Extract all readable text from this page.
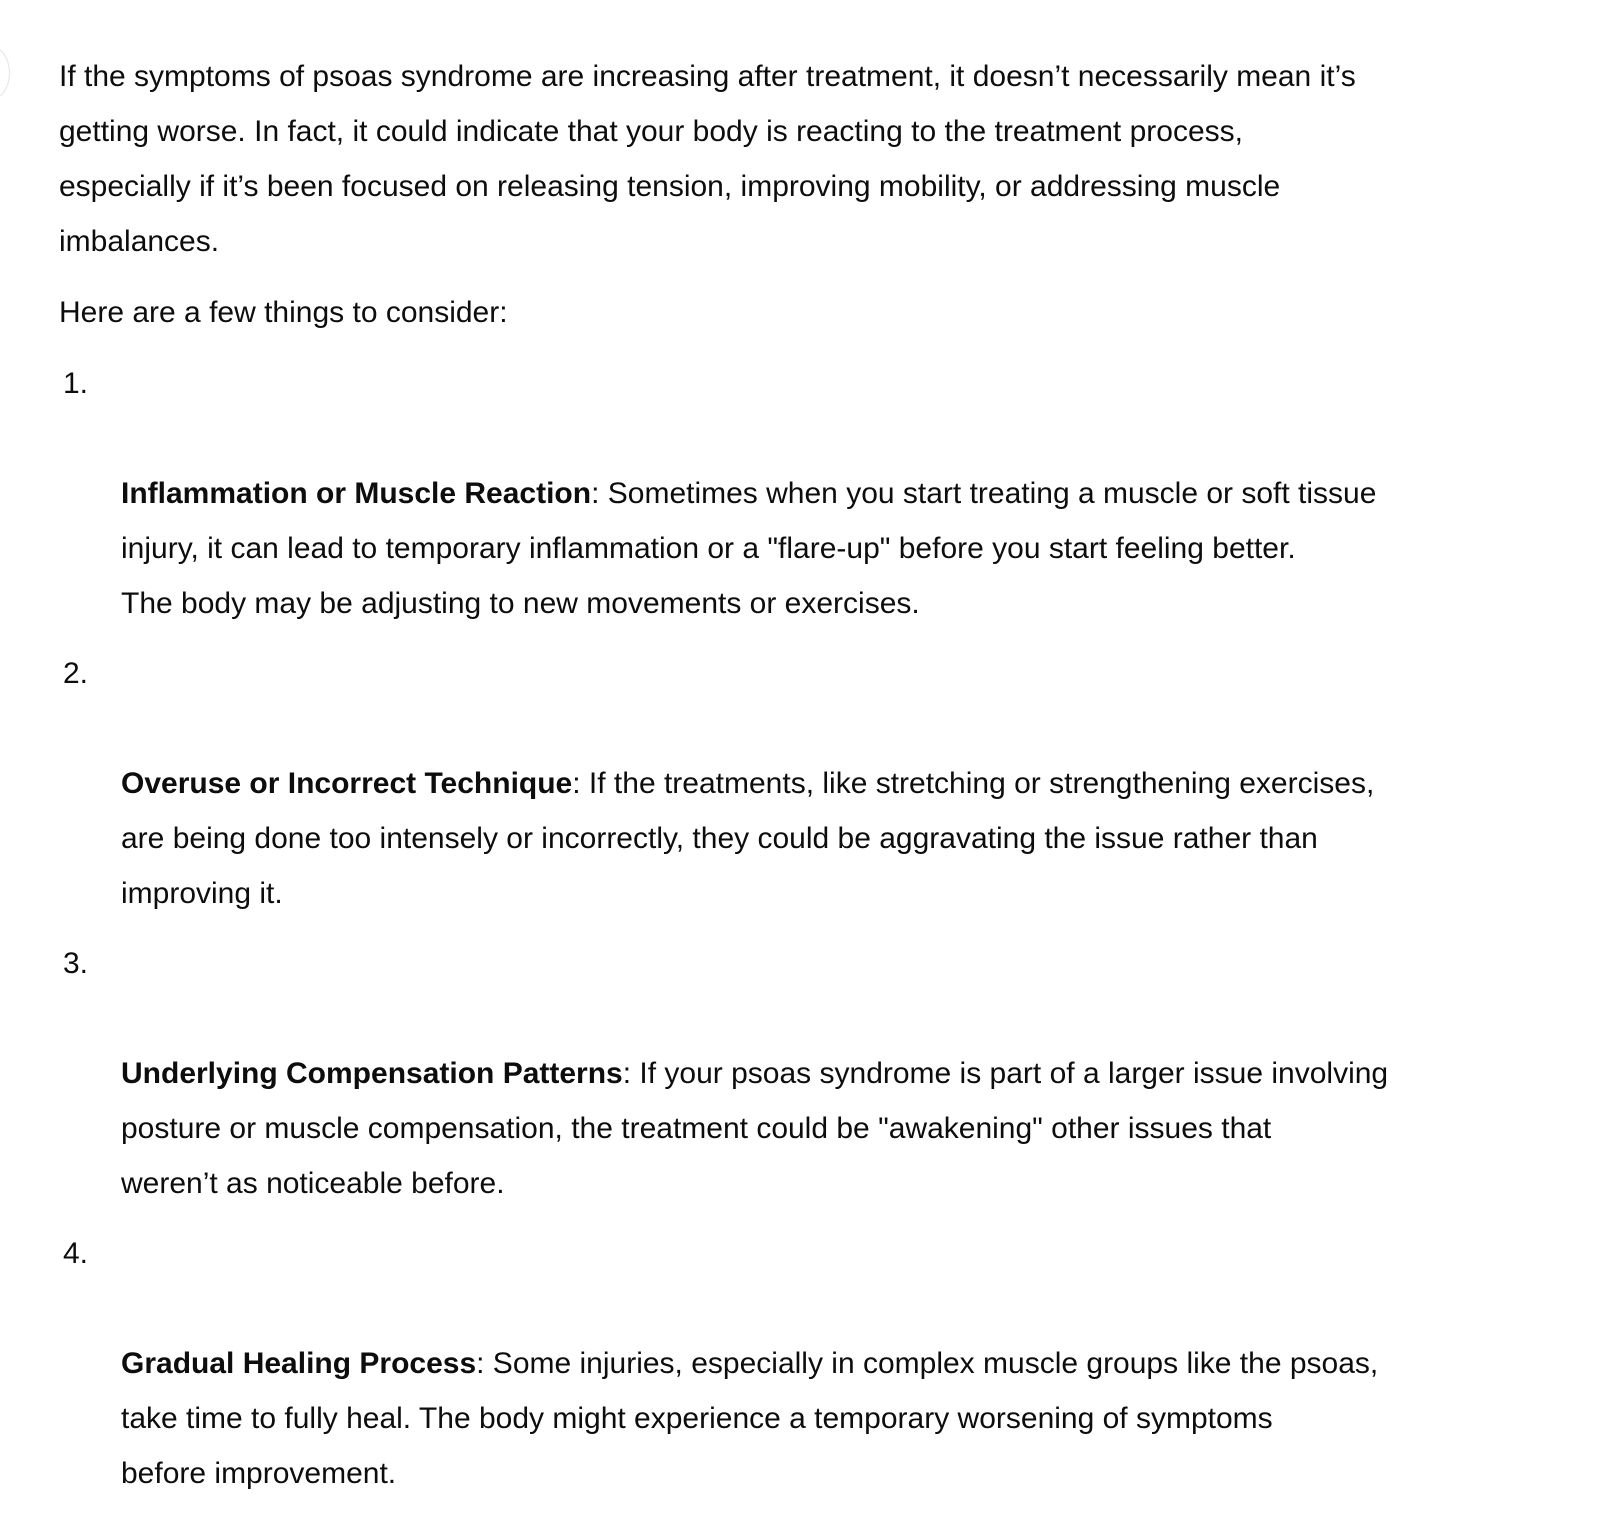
If the symptoms of psoas syndrome are increasing after treatment, it doesn’t necessarily mean it’s
getting worse. In fact, it could indicate that your body is reacting to the treatment process,
especially if it’s been focused on releasing tension, improving mobility, or addressing muscle
imbalances.

Here are a few things to consider:

1.

Inflammation or Muscle Reaction: Sometimes when you start treating a muscle or soft tissue
injury, it can lead to temporary inflammation or a "flare-up" before you start feeling better.
The body may be adjusting to new movements or exercises.

2.

Overuse or Incorrect Technique: If the treatments, like stretching or strengthening exercises,
are being done too intensely or incorrectly, they could be aggravating the issue rather than
improving it.

3.

Underlying Compensation Patterns: If your psoas syndrome is part of a larger issue involving
posture or muscle compensation, the treatment could be "awakening" other issues that
weren’t as noticeable before.

4.

Gradual Healing Process: Some injuries, especially in complex muscle groups like the psoas,
take time to fully heal. The body might experience a temporary worsening of symptoms
before improvement.
